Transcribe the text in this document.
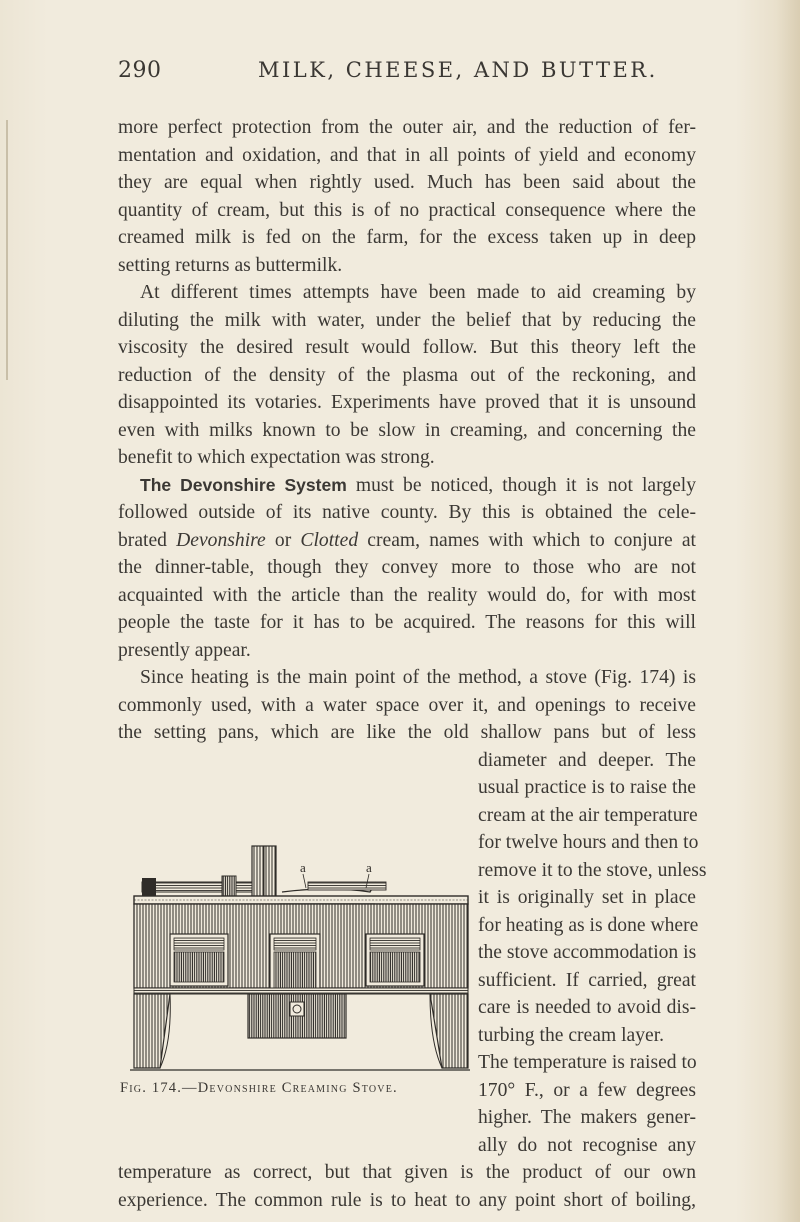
290	MILK, CHEESE, AND BUTTER.
more perfect protection from the outer air, and the reduction of fer-
mentation and oxidation, and that in all points of yield and economy
they are equal when rightly used. Much has been said about the
quantity of cream, but this is of no practical consequence where the
creamed milk is fed on the farm, for the excess taken up in deep
setting returns as buttermilk.
At different times attempts have been made to aid creaming by
diluting the milk with water, under the belief that by reducing the
viscosity the desired result would follow. But this theory left the
reduction of the density of the plasma out of the reckoning, and
disappointed its votaries. Experiments have proved that it is unsound
even with milks known to be slow in creaming, and concerning the
benefit to which expectation was strong.
The Devonshire System must be noticed, though it is not largely
followed outside of its native county. By this is obtained the cele-
brated Devonshire or Clotted cream, names with which to conjure at
the dinner-table, though they convey more to those who are not
acquainted with the article than the reality would do, for with most
people the taste for it has to be acquired. The reasons for this will
presently appear.
Since heating is the main point of the method, a stove (Fig. 174) is
commonly used, with a water space over it, and openings to receive
the setting pans, which are like the old shallow pans but of less
diameter and deeper. The
usual practice is to raise the
cream at the air temperature
for twelve hours and then to
remove it to the stove, unless
it is originally set in place
for heating as is done where
the stove accommodation is
sufficient. If carried, great
care is needed to avoid dis-
turbing the cream layer.
The temperature is raised to
170° F., or a few degrees
higher. The makers gener-
ally do not recognise any
temperature as correct, but that given is the product of our own
experience. The common rule is to heat to any point short of boiling,
a	a
Fig. 174.—Devonshire Creaming Stove.
